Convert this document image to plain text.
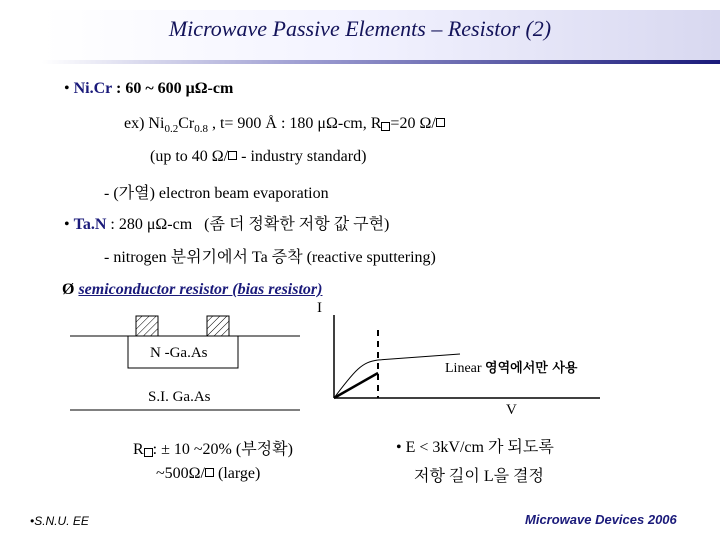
Microwave Passive Elements – Resistor (2)
• Ni.Cr : 60 ~ 600 μΩ-cm
ex) $Ni_{0.2}Cr_{0.8}$ , t= 900 Å : 180 μΩ-cm, R =20 Ω/
(up to 40 Ω/ - industry standard)
- (가열) electron beam evaporation
• Ta.N : 280 μΩ-cm (좀 더 정확한 저항 값 구현)
- nitrogen 분위기에서 Ta 증착 (reactive sputtering)
Ø semiconductor resistor (bias resistor)
N -Ga.As
S.I. Ga.As
I
V
Linear 영역에서만 사용
R : ± 10 ~20% (부정확)
~500Ω/ (large)
• E < 3kV/cm 가 되도록
저항 길이 L을 결정
•S.N.U. EE	Microwave Devices 2006
